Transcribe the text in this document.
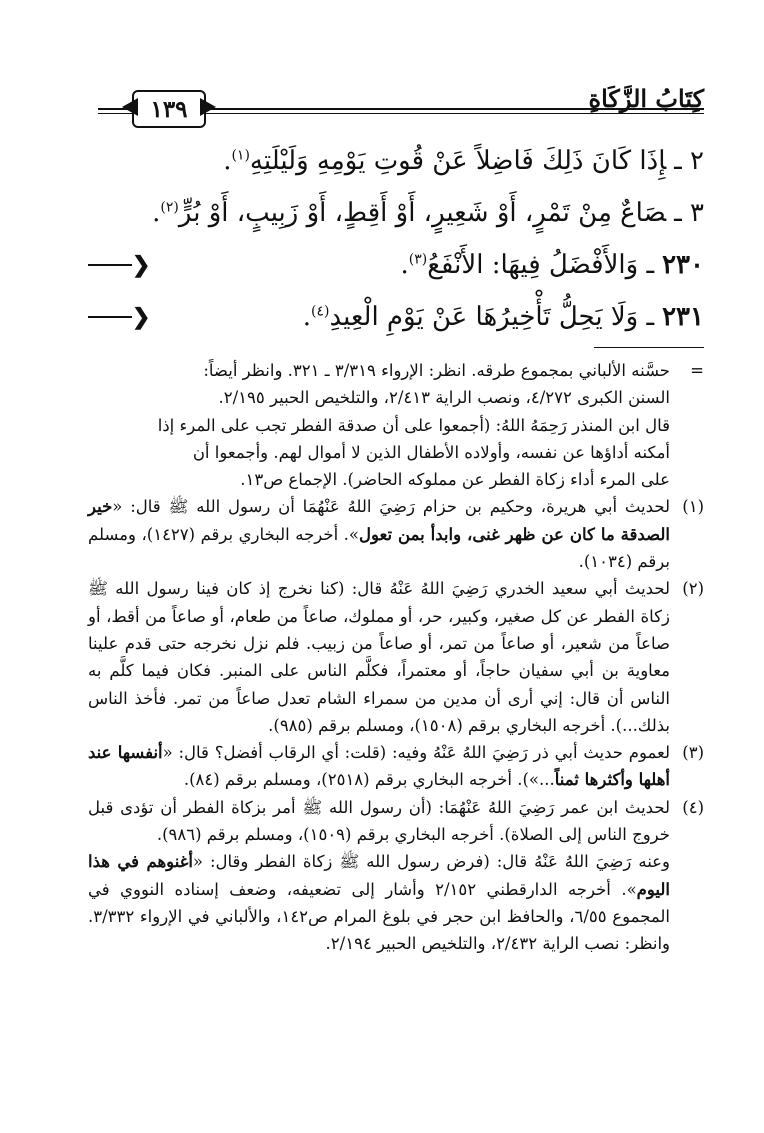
١٣٩	كِتَابُ الزَّكَاةِ
٢ ـإِذَا كَانَ ذَلِكَ فَاضِلاً عَنْ قُوتِ يَوْمِهِ وَلَيْلَتِهِ$^{(١)}$.
٣ ـصَاعٌ مِنْ تَمْرٍ، أَوْ شَعِيرٍ، أَوْ أَقِطٍ، أَوْ زَبِيبٍ، أَوْ بُرٍّ$^{(٢)}$.
٢٣٠ـ وَالأَفْضَلُ فِيهَا: الأَنْفَعُ$^{(٣)}$.
❮
٢٣١ـ وَلَا يَحِلُّ تَأْخِيرُهَا عَنْ يَوْمِ الْعِيدِ$^{(٤)}$.
❮
=

حسَّنه الألباني بمجموع طرقه. انظر: الإرواء ٣/٣١٩ ـ ٣٢١. وانظر أيضاً:

السنن الكبرى ٤/٢٧٢، ونصب الراية ٢/٤١٣، والتلخيص الحبير ٢/١٩٥.

قال ابن المنذر رَحِمَهُ اللهُ: (أجمعوا على أن صدقة الفطر تجب على المرء إذا

أمكنه أداؤها عن نفسه، وأولاده الأطفال الذين لا أموال لهم. وأجمعوا أن

على المرء أداء زكاة الفطر عن مملوكه الحاضر). الإجماع ص١٣.

(١)

لحديث أبي هريرة، وحكيم بن حزام رَضِيَ اللهُ عَنْهُمَا أن رسول الله ﷺ قال: «خير الصدقة ما كان عن ظهر غنى، وابدأ بمن تعول». أخرجه البخاري برقم (١٤٢٧)، ومسلم برقم (١٠٣٤).

(٢)

لحديث أبي سعيد الخدري رَضِيَ اللهُ عَنْهُ قال: (كنا نخرج إذ كان فينا رسول الله ﷺ زكاة الفطر عن كل صغير، وكبير، حر، أو مملوك، صاعاً من طعام، أو صاعاً من أقط، أو صاعاً من شعير، أو صاعاً من تمر، أو صاعاً من زبيب. فلم نزل نخرجه حتى قدم علينا معاوية بن أبي سفيان حاجاً، أو معتمراً، فكلَّم الناس على المنبر. فكان فيما كلَّم به الناس أن قال: إني أرى أن مدين من سمراء الشام تعدل صاعاً من تمر. فأخذ الناس بذلك...). أخرجه البخاري برقم (١٥٠٨)، ومسلم برقم (٩٨٥).

(٣)

لعموم حديث أبي ذر رَضِيَ اللهُ عَنْهُ وفيه: (قلت: أي الرقاب أفضل؟ قال: «أنفسها عند أهلها وأكثرها ثمناً...»). أخرجه البخاري برقم (٢٥١٨)، ومسلم برقم (٨٤).

(٤)

لحديث ابن عمر رَضِيَ اللهُ عَنْهُمَا: (أن رسول الله ﷺ أمر بزكاة الفطر أن تؤدى قبل خروج الناس إلى الصلاة). أخرجه البخاري برقم (١٥٠٩)، ومسلم برقم (٩٨٦).

وعنه رَضِيَ اللهُ عَنْهُ قال: (فرض رسول الله ﷺ زكاة الفطر وقال: «أغنوهم في هذا اليوم». أخرجه الدارقطني ٢/١٥٢ وأشار إلى تضعيفه، وضعف إسناده النووي في المجموع ٦/٥٥، والحافظ ابن حجر في بلوغ المرام ص١٤٢، والألباني في الإرواء ٣/٣٣٢. وانظر: نصب الراية ٢/٤٣٢، والتلخيص الحبير ٢/١٩٤.
